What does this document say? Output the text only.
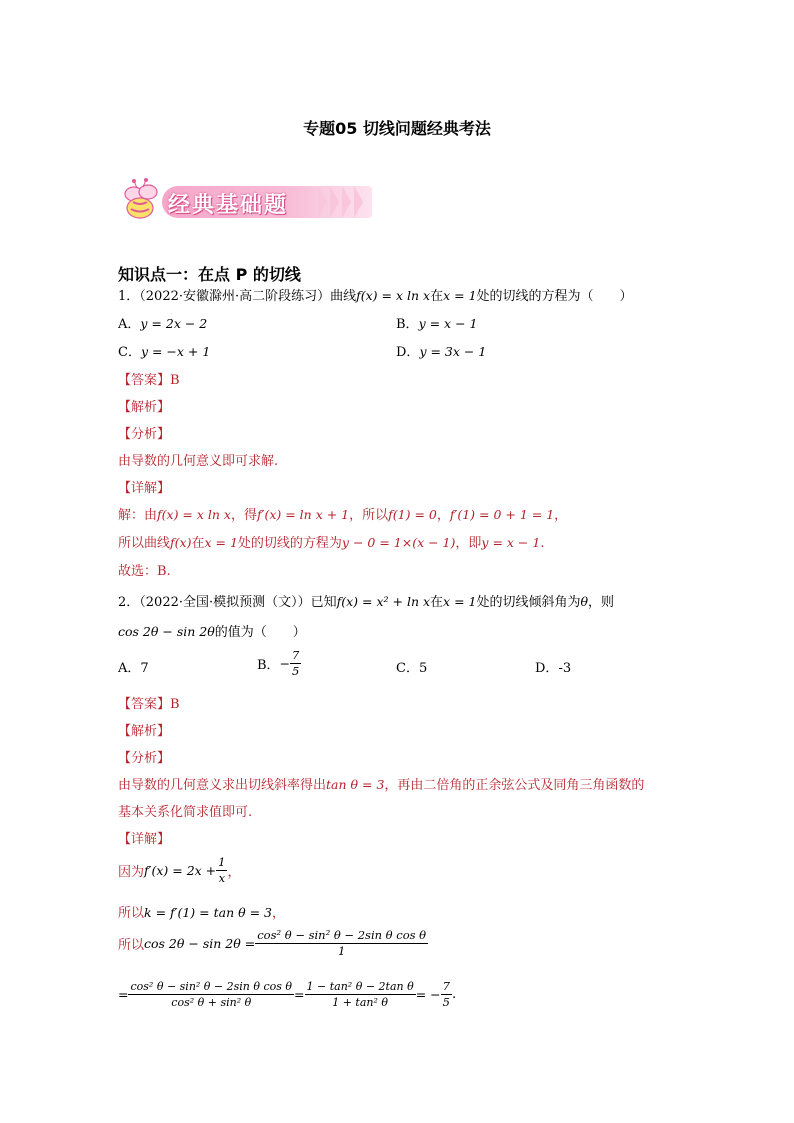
专题05 切线问题经典考法
经典基础题
知识点一：在点 P 的切线
1．（2022·安徽滁州·高二阶段练习）曲线f(x) = x ln x在x = 1处的切线的方程为（　　）
A．y = 2x − 2	B．y = x − 1
C．y = −x + 1	D．y = 3x − 1
【答案】B
【解析】
【分析】
由导数的几何意义即可求解.
【详解】
解：由f(x) = x ln x，得f′(x) = ln x + 1，所以f(1) = 0，f′(1) = 0 + 1 = 1，
所以曲线f(x)在x = 1处的切线的方程为y − 0 = 1×(x − 1)，即y = x − 1.
故选：B.
2．（2022·全国·模拟预测（文））已知f(x) = x² + ln x在x = 1处的切线倾斜角为θ，则
cos 2θ − sin 2θ的值为（　　）
A．7	B．− $\frac{7}{5}$	C．5	D．-3
【答案】B
【解析】
【分析】
由导数的几何意义求出切线斜率得出tan θ = 3，再由二倍角的正余弦公式及同角三角函数的
基本关系化简求值即可.
【详解】
因为$f'(x) = 2x + \frac{1}{x}$ ，
所以k = f′(1) = tan θ = 3，
所以$\cos 2\theta - \sin 2\theta = \frac{\text{cos² θ − sin² θ − 2sin θ cos θ}}{1}$
= $\frac{\text{cos² θ − sin² θ − 2sin θ cos θ}}{\text{cos² θ + sin² θ}} = \frac{\text{1 − tan² θ − 2tan θ}}{\text{1 + tan² θ}}$ = − $\frac{7}{5}$ .
